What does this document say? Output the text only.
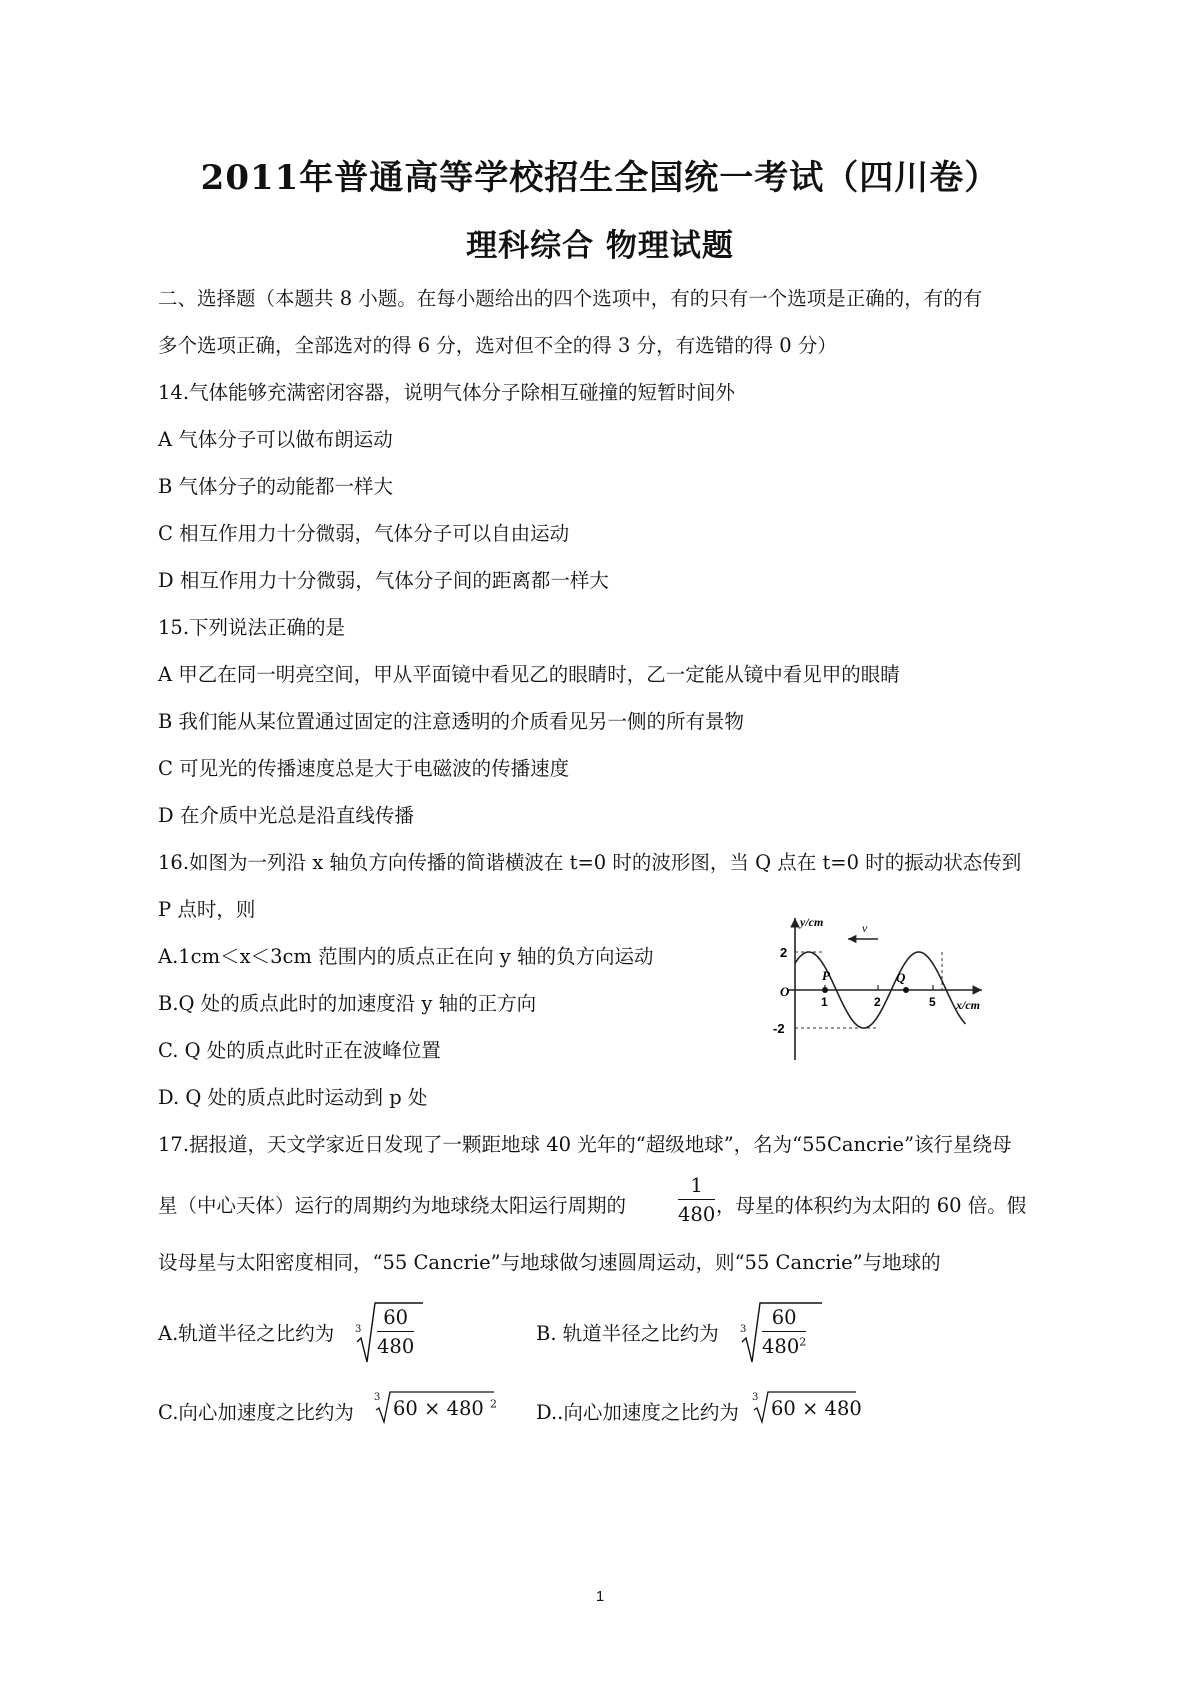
2011年普通高等学校招生全国统一考试（四川卷）
理科综合 物理试题
二、选择题（本题共 8 小题。在每小题给出的四个选项中，有的只有一个选项是正确的，有的有
多个选项正确，全部选对的得 6 分，选对但不全的得 3 分，有选错的得 0 分）
14.气体能够充满密闭容器，说明气体分子除相互碰撞的短暂时间外
A 气体分子可以做布朗运动
B 气体分子的动能都一样大
C 相互作用力十分微弱，气体分子可以自由运动
D 相互作用力十分微弱，气体分子间的距离都一样大
15.下列说法正确的是
A 甲乙在同一明亮空间，甲从平面镜中看见乙的眼睛时，乙一定能从镜中看见甲的眼睛
B 我们能从某位置通过固定的注意透明的介质看见另一侧的所有景物
C 可见光的传播速度总是大于电磁波的传播速度
D 在介质中光总是沿直线传播
16.如图为一列沿 x 轴负方向传播的简谐横波在 t=0 时的波形图，当 Q 点在 t=0 时的振动状态传到
P 点时，则
A.1cm＜x＜3cm 范围内的质点正在向 y 轴的负方向运动
B.Q 处的质点此时的加速度沿 y 轴的正方向
C. Q 处的质点此时正在波峰位置
D. Q 处的质点此时运动到 p 处
y/cm	v
2
O
-2
P	Q
1	2	5 x/cm
17.据报道，天文学家近日发现了一颗距地球 40 光年的“超级地球”，名为“55Cancrie”该行星绕母
星（中心天体）运行的周期约为地球绕太阳运行周期的
1
480 ，母星的体积约为太阳的 60 倍。假
设母星与太阳密度相同，“55 Cancrie”与地球做匀速圆周运动，则“55 Cancrie”与地球的
A.轨道半径之比约为 3
60
480
B. 轨道半径之比约为 3
60
$480^2$
C.向心加速度之比约为
3 60 × 480 $^2$ D..向心加速度之比约为
3 60 × 480
1
